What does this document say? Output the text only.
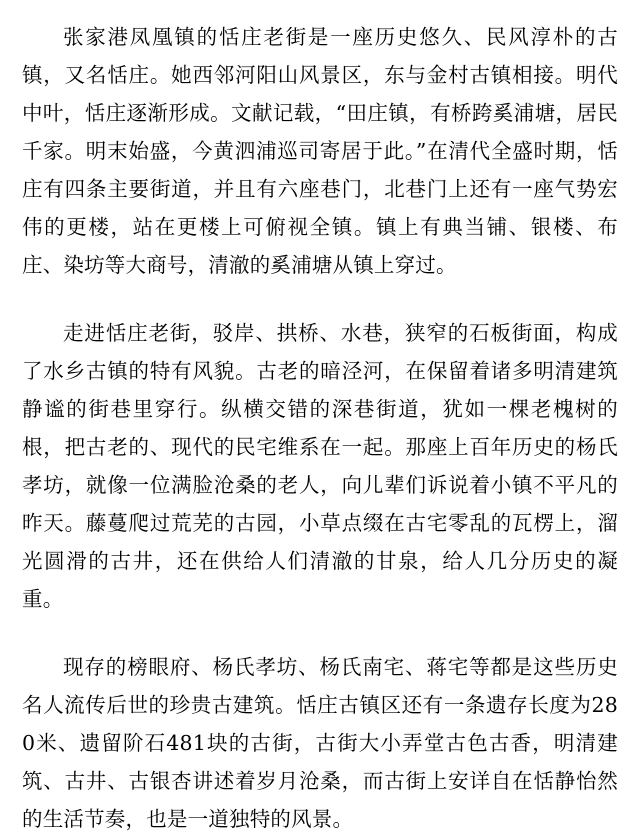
张家港凤凰镇的恬庄老街是一座历史悠久、民风淳朴的古镇，又名恬庄。她西邻河阳山风景区，东与金村古镇相接。明代中叶，恬庄逐渐形成。文献记载，“田庄镇，有桥跨奚浦塘，居民千家。明末始盛，今黄泗浦巡司寄居于此。”在清代全盛时期，恬庄有四条主要街道，并且有六座巷门，北巷门上还有一座气势宏伟的更楼，站在更楼上可俯视全镇。镇上有典当铺、银楼、布庄、染坊等大商号，清澈的奚浦塘从镇上穿过。

走进恬庄老街，驳岸、拱桥、水巷，狭窄的石板街面，构成了水乡古镇的特有风貌。古老的暗泾河，在保留着诸多明清建筑静谧的街巷里穿行。纵横交错的深巷街道，犹如一棵老槐树的根，把古老的、现代的民宅维系在一起。那座上百年历史的杨氏孝坊，就像一位满脸沧桑的老人，向儿辈们诉说着小镇不平凡的昨天。藤蔓爬过荒芜的古园，小草点缀在古宅零乱的瓦楞上，溜光圆滑的古井，还在供给人们清澈的甘泉，给人几分历史的凝重。

现存的榜眼府、杨氏孝坊、杨氏南宅、蒋宅等都是这些历史名人流传后世的珍贵古建筑。恬庄古镇区还有一条遗存长度为280米、遗留阶石481块的古街，古街大小弄堂古色古香，明清建筑、古井、古银杏讲述着岁月沧桑，而古街上安详自在恬静怡然的生活节奏，也是一道独特的风景。
